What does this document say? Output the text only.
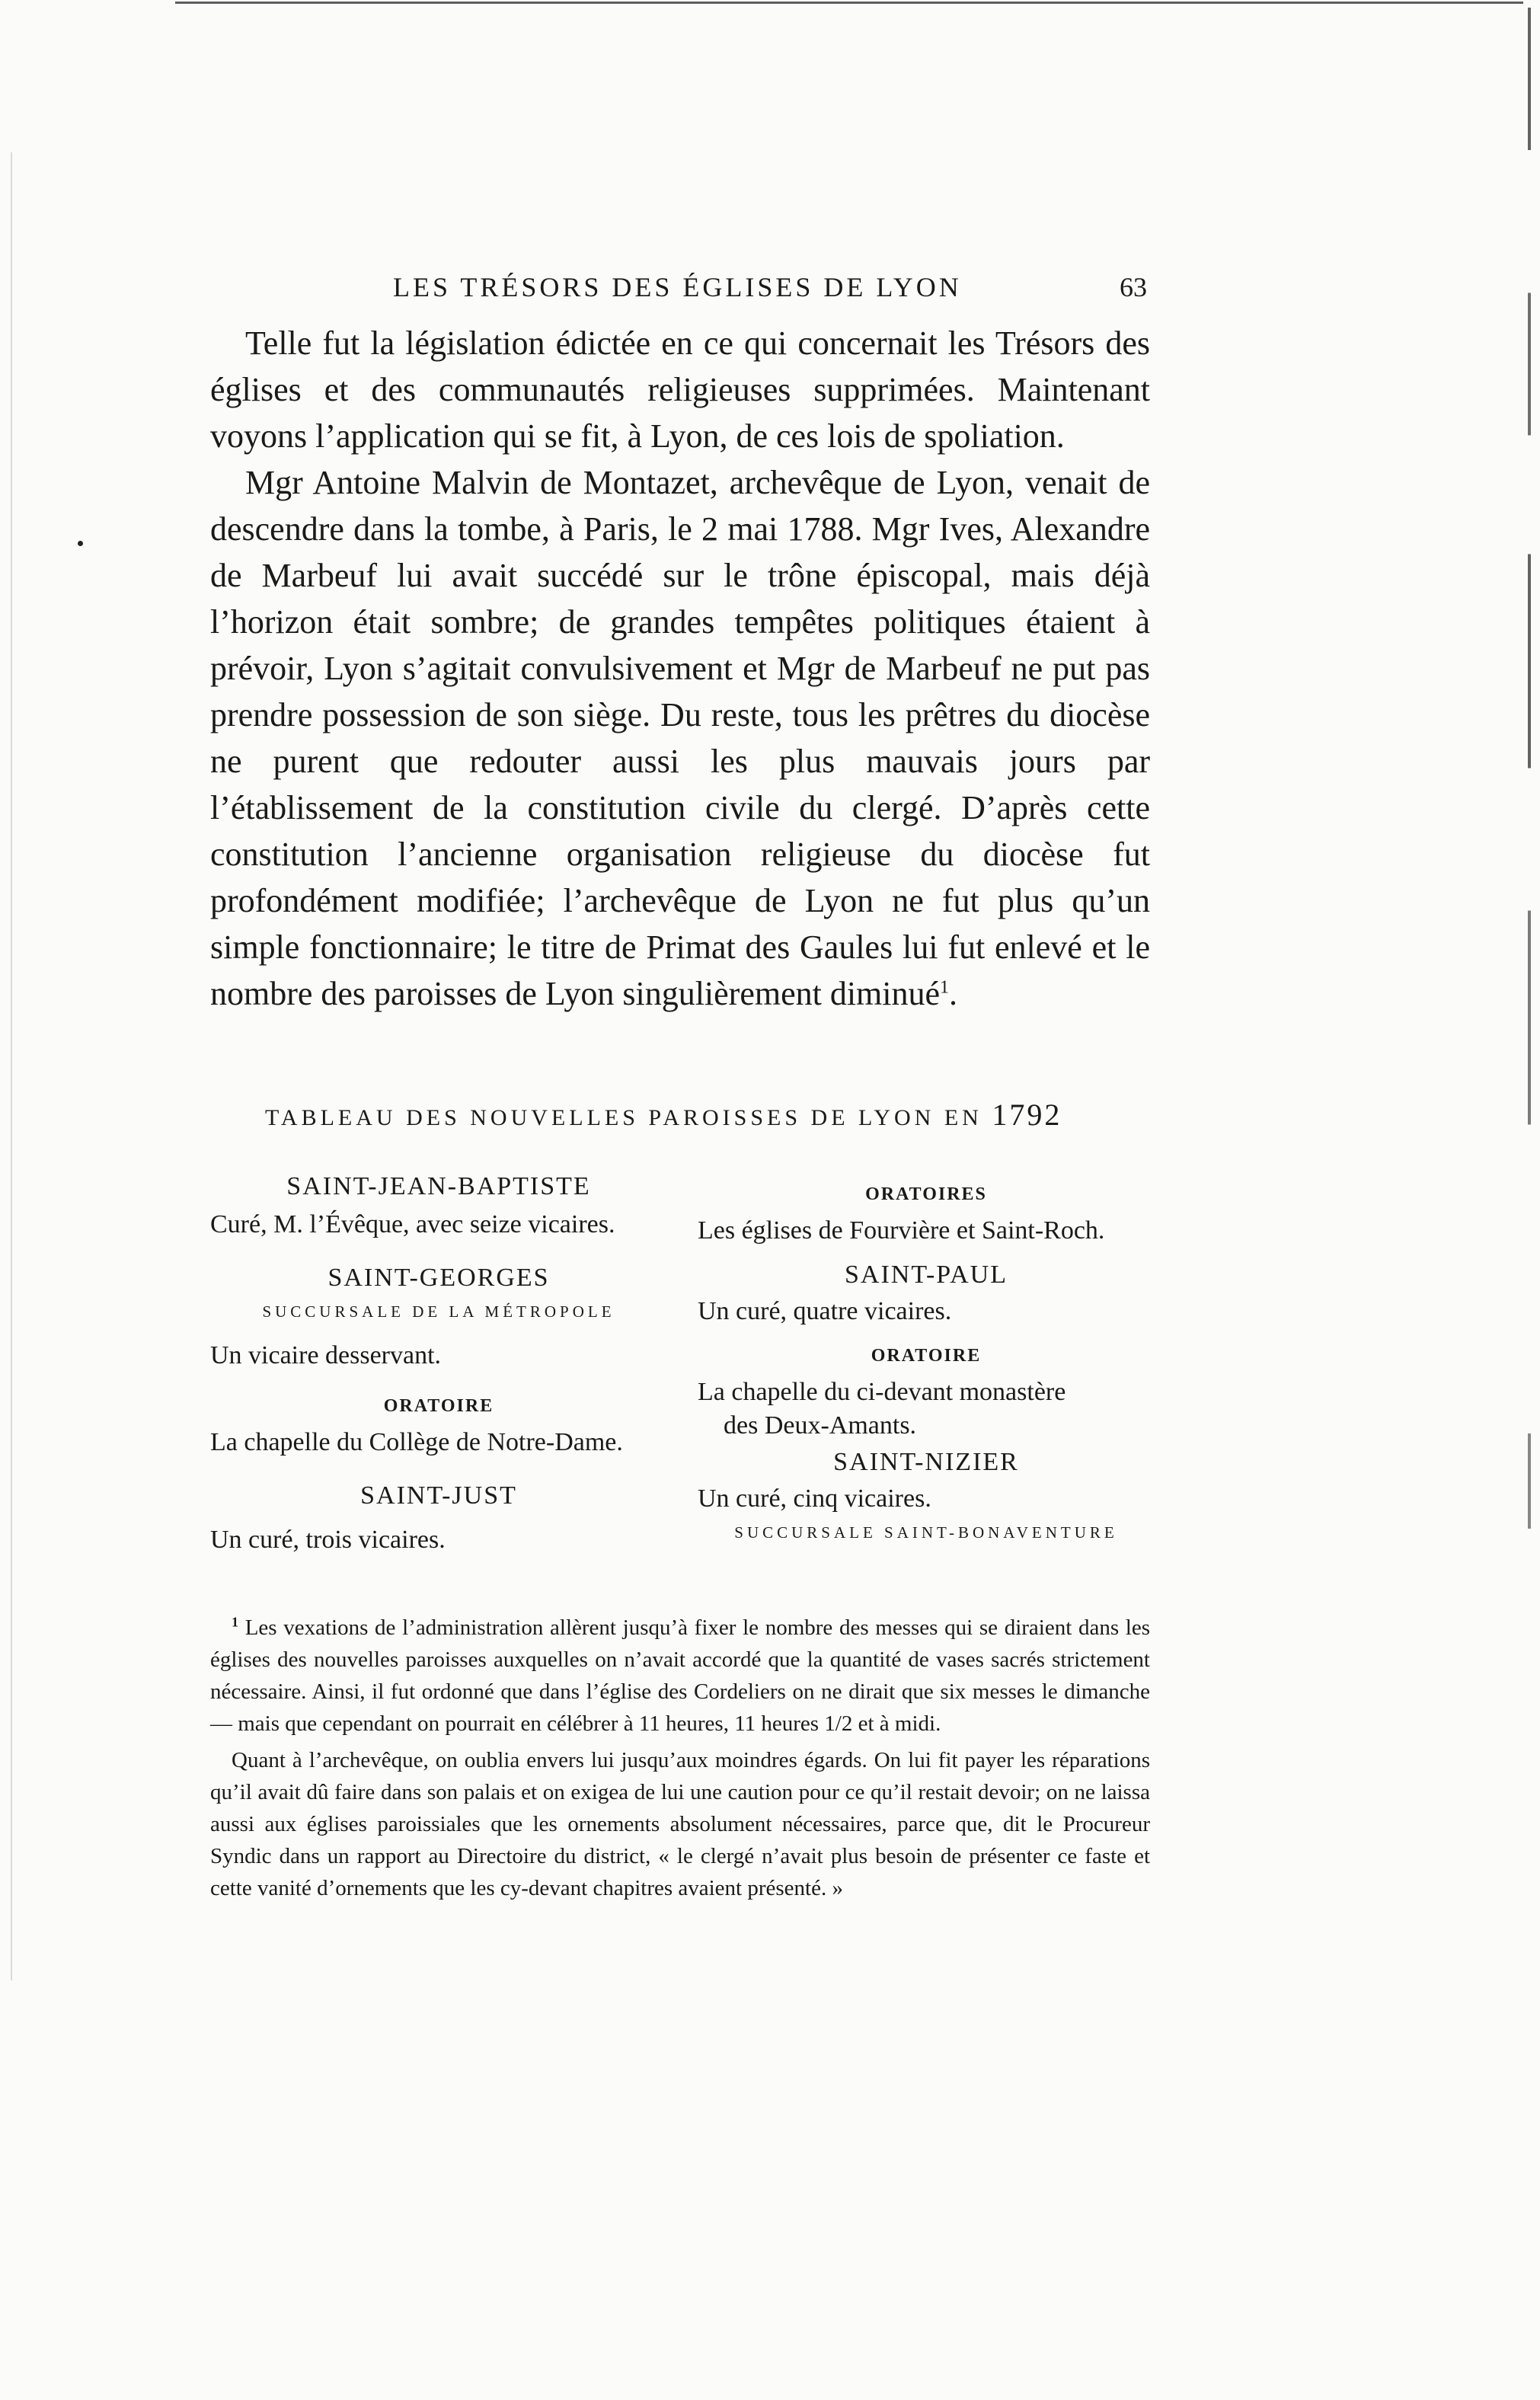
LES TRÉSORS DES ÉGLISES DE LYON	63

Telle fut la législation édictée en ce qui concernait les Trésors des églises et des communautés religieuses supprimées. Maintenant voyons l’application qui se fit, à Lyon, de ces lois de spoliation.

Mgr Antoine Malvin de Montazet, archevêque de Lyon, venait de descendre dans la tombe, à Paris, le 2 mai 1788. Mgr Ives, Alexandre de Marbeuf lui avait succédé sur le trône épiscopal, mais déjà l’horizon était sombre; de grandes tempêtes politiques étaient à prévoir, Lyon s’agitait convulsivement et Mgr de Marbeuf ne put pas prendre possession de son siège. Du reste, tous les prêtres du diocèse ne purent que redouter aussi les plus mauvais jours par l’établissement de la constitution civile du clergé. D’après cette constitution l’ancienne organisation religieuse du diocèse fut profondément modifiée; l’archevêque de Lyon ne fut plus qu’un simple fonctionnaire; le titre de Primat des Gaules lui fut enlevé et le nombre des paroisses de Lyon singulièrement diminué$^1$.

TABLEAU DES NOUVELLES PAROISSES DE LYON EN 1792
SAINT-JEAN-BAPTISTE
Curé, M. l’Évêque, avec seize vicaires.
SAINT-GEORGES
SUCCURSALE DE LA MÉTROPOLE
Un vicaire desservant.
ORATOIRE
La chapelle du Collège de Notre-Dame.
SAINT-JUST
Un curé, trois vicaires.
ORATOIRES
Les églises de Fourvière et Saint-Roch.
SAINT-PAUL
Un curé, quatre vicaires.
ORATOIRE
La chapelle du ci-devant monastère
des Deux-Amants.
SAINT-NIZIER
Un curé, cinq vicaires.
SUCCURSALE SAINT-BONAVENTURE

$^1$ Les vexations de l’administration allèrent jusqu’à fixer le nombre des messes qui se diraient dans les églises des nouvelles paroisses auxquelles on n’avait accordé que la quantité de vases sacrés strictement nécessaire. Ainsi, il fut ordonné que dans l’église des Cordeliers on ne dirait que six messes le dimanche — mais que cependant on pourrait en célébrer à 11 heures, 11 heures 1/2 et à midi.

Quant à l’archevêque, on oublia envers lui jusqu’aux moindres égards. On lui fit payer les réparations qu’il avait dû faire dans son palais et on exigea de lui une caution pour ce qu’il restait devoir; on ne laissa aussi aux églises paroissiales que les ornements absolument nécessaires, parce que, dit le Procureur Syndic dans un rapport au Directoire du district, « le clergé n’avait plus besoin de présenter ce faste et cette vanité d’ornements que les cy-devant chapitres avaient présenté. »
